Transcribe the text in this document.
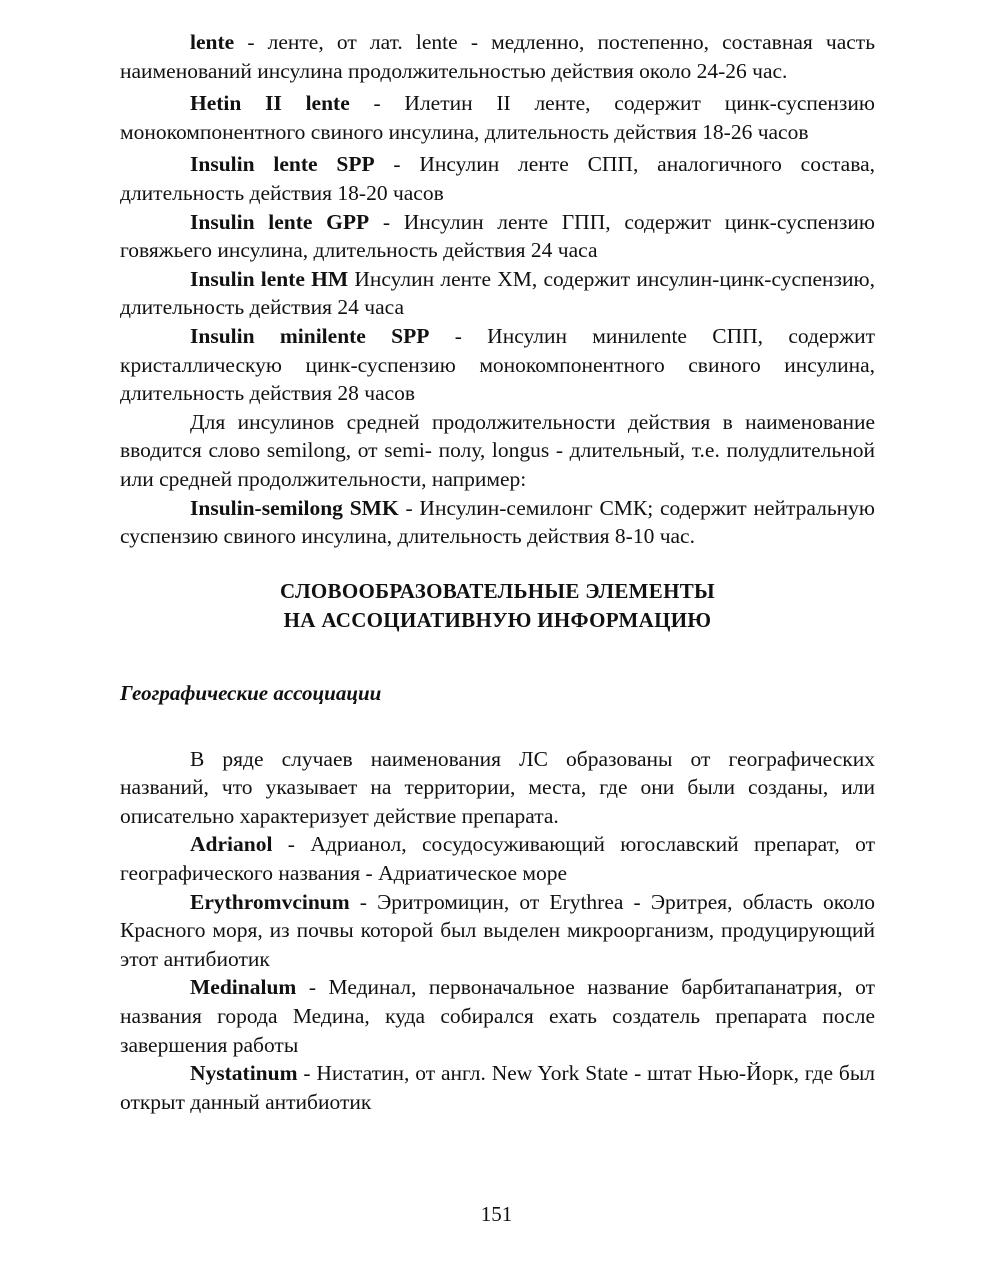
lente - ленте, от лат. lente - медленно, постепенно, составная часть наименований инсулина продолжительностью действия около 24-26 час.

Hetin II lente - Илетин II ленте, содержит цинк-суспензию монокомпонентного свиного инсулина, длительность действия 18-26 часов

Insulin lente SPP - Инсулин ленте СПП, аналогичного состава, длительность действия 18-20 часов

Insulin lente GPP - Инсулин ленте ГПП, содержит цинк-суспензию говяжьего инсулина, длительность действия 24 часа

Insulin lente HM Инсулин ленте ХМ, содержит инсулин-цинк-суспензию, длительность действия 24 часа

Insulin minilente SPP - Инсулин минилente СПП, содержит кристаллическую цинк-суспензию монокомпонентного свиного инсулина, длительность действия 28 часов

Для инсулинов средней продолжительности действия в наименование вводится слово semilong, от semi- полу, longus - длительный, т.е. полудлительной или средней продолжительности, например:

Insulin-semilong SMK - Инсулин-семилонг СМК; содержит нейтральную суспензию свиного инсулина, длительность действия 8-10 час.

СЛОВООБРАЗОВАТЕЛЬНЫЕ ЭЛЕМЕНТЫ
НА АССОЦИАТИВНУЮ ИНФОРМАЦИЮ
Географические ассоциации

В ряде случаев наименования ЛС образованы от географических названий, что указывает на территории, места, где они были созданы, или описательно характеризует действие препарата.

Adrianol - Адрианол, сосудосуживающий югославский препарат, от географического названия - Адриатическое море

Erythromvcinum - Эритромицин, от Erythrea - Эритрея, область около Красного моря, из почвы которой был выделен микроорганизм, продуцирующий этот антибиотик

Medinalum - Мединал, первоначальное название барбитапанатрия, от названия города Медина, куда собирался ехать создатель препарата после завершения работы

Nystatinum - Нистатин, от англ. New York State - штат Нью-Йорк, где был открыт данный антибиотик

151
